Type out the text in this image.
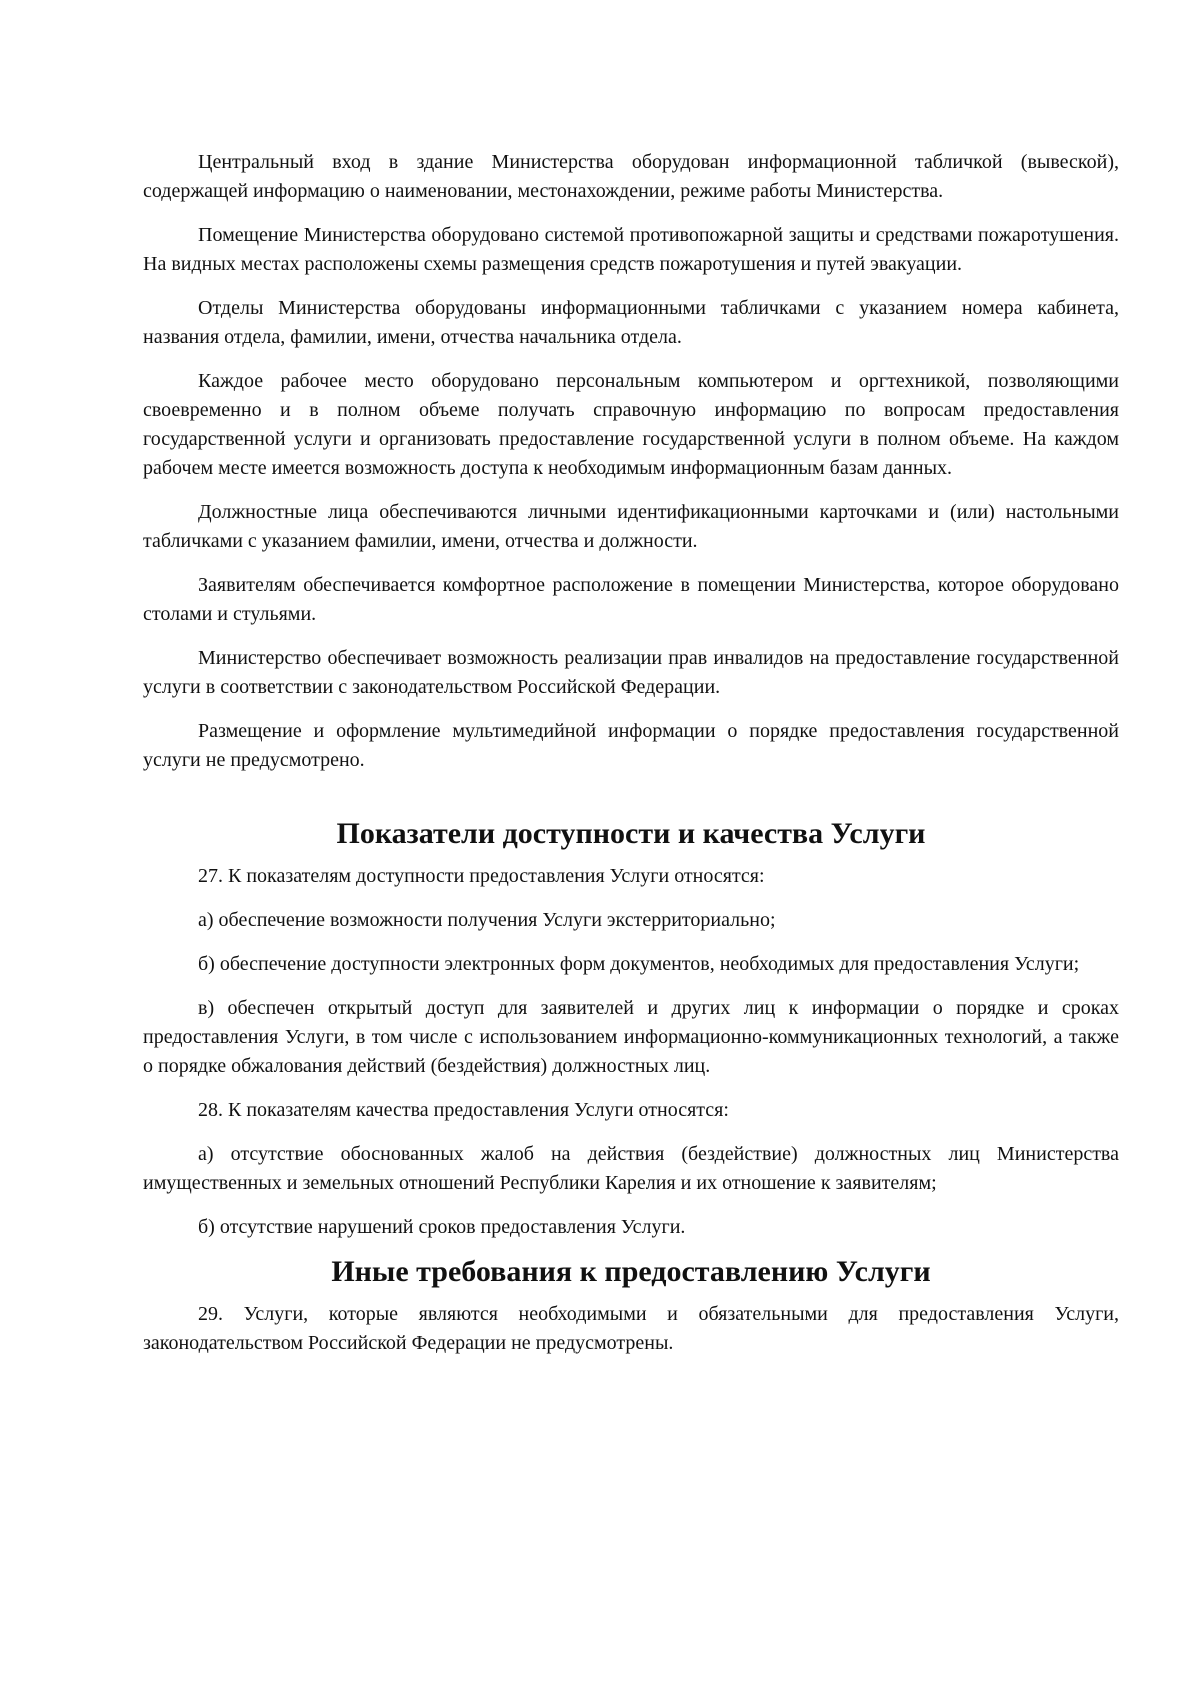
Центральный вход в здание Министерства оборудован информационной табличкой (вывеской), содержащей информацию о наименовании, местонахождении, режиме работы Министерства.

Помещение Министерства оборудовано системой противопожарной защиты и средствами пожаротушения. На видных местах расположены схемы размещения средств пожаротушения и путей эвакуации.

Отделы Министерства оборудованы информационными табличками с указанием номера кабинета, названия отдела, фамилии, имени, отчества начальника отдела.

Каждое рабочее место оборудовано персональным компьютером и оргтехникой, позволяющими своевременно и в полном объеме получать справочную информацию по вопросам предоставления государственной услуги и организовать предоставление государственной услуги в полном объеме. На каждом рабочем месте имеется возможность доступа к необходимым информационным базам данных.

Должностные лица обеспечиваются личными идентификационными карточками и (или) настольными табличками с указанием фамилии, имени, отчества и должности.

Заявителям обеспечивается комфортное расположение в помещении Министерства, которое оборудовано столами и стульями.

Министерство обеспечивает возможность реализации прав инвалидов на предоставление государственной услуги в соответствии с законодательством Российской Федерации.

Размещение и оформление мультимедийной информации о порядке предоставления государственной услуги не предусмотрено.

Показатели доступности и качества Услуги

27. К показателям доступности предоставления Услуги относятся:

а) обеспечение возможности получения Услуги экстерриториально;

б) обеспечение доступности электронных форм документов, необходимых для предоставления Услуги;

в) обеспечен открытый доступ для заявителей и других лиц к информации о порядке и сроках предоставления Услуги, в том числе с использованием информационно-коммуникационных технологий, а также о порядке обжалования действий (бездействия) должностных лиц.

28. К показателям качества предоставления Услуги относятся:

а) отсутствие обоснованных жалоб на действия (бездействие) должностных лиц Министерства имущественных и земельных отношений Республики Карелия и их отношение к заявителям;

б) отсутствие нарушений сроков предоставления Услуги.

Иные требования к предоставлению Услуги

29. Услуги, которые являются необходимыми и обязательными для предоставления Услуги, законодательством Российской Федерации не предусмотрены.
